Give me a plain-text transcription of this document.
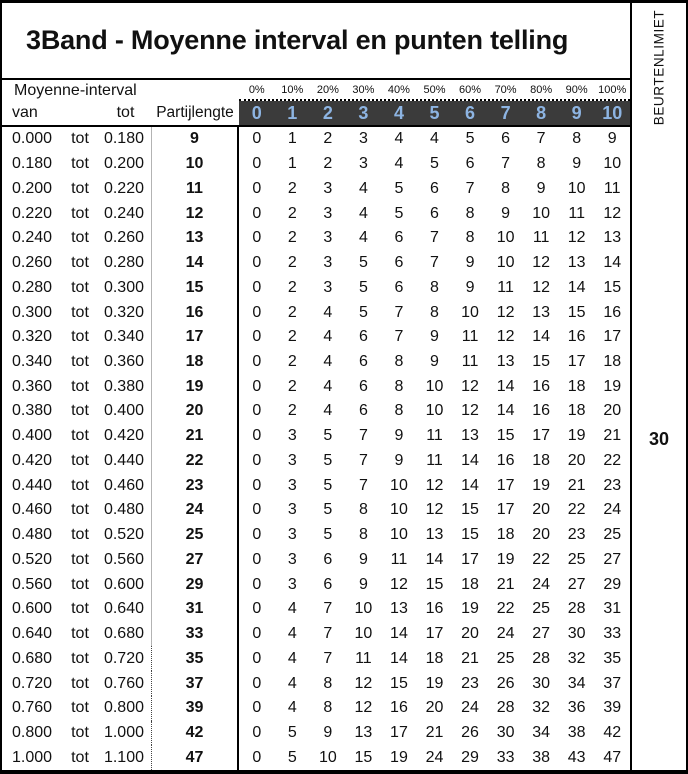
3Band - Moyenne interval en punten telling
Moyenne-interval
van	tot	Partijlengte
0%	10%	20%	30%	40%	50%	60%	70%	80%	90% 100%
0	1	2	3	4	5	6	7	8	9	10
0.000	tot 0.180	9	0	1	2	3	4	4	5	6	7	8	9
0.180	tot 0.200	10	0	1	2	3	4	5	6	7	8	9	10
0.200	tot 0.220	11	0	2	3	4	5	6	7	8	9	10	11
0.220	tot 0.240	12	0	2	3	4	5	6	8	9	10	11	12
0.240	tot 0.260	13	0	2	3	4	6	7	8	10	11	12	13
0.260	tot 0.280	14	0	2	3	5	6	7	9	10	12	13	14
0.280	tot 0.300	15	0	2	3	5	6	8	9	11	12	14	15
0.300	tot 0.320	16	0	2	4	5	7	8	10	12	13	15	16
0.320	tot 0.340	17	0	2	4	6	7	9	11	12	14	16	17
0.340	tot 0.360	18	0	2	4	6	8	9	11	13	15	17	18
0.360	tot 0.380	19	0	2	4	6	8	10	12	14	16	18	19
0.380	tot 0.400	20	0	2	4	6	8	10	12	14	16	18	20
0.400	tot 0.420	21	0	3	5	7	9	11	13	15	17	19	21
0.420	tot 0.440	22	0	3	5	7	9	11	14	16	18	20	22
0.440	tot 0.460	23	0	3	5	7	10	12	14	17	19	21	23
0.460	tot 0.480	24	0	3	5	8	10	12	15	17	20	22	24
0.480	tot 0.520	25	0	3	5	8	10	13	15	18	20	23	25
0.520	tot 0.560	27	0	3	6	9	11	14	17	19	22	25	27
0.560	tot 0.600	29	0	3	6	9	12	15	18	21	24	27	29
0.600	tot 0.640	31	0	4	7	10	13	16	19	22	25	28	31
0.640	tot 0.680	33	0	4	7	10	14	17	20	24	27	30	33
0.680	tot 0.720	35	0	4	7	11	14	18	21	25	28	32	35
0.720	tot 0.760	37	0	4	8	12	15	19	23	26	30	34	37
0.760	tot 0.800	39	0	4	8	12	16	20	24	28	32	36	39
0.800	tot 1.000	42	0	5	9	13	17	21	26	30	34	38	42
1.000	tot 1.100	47	0	5	10	15	19	24	29	33	38	43	47
BEURTENLIMIET
30
